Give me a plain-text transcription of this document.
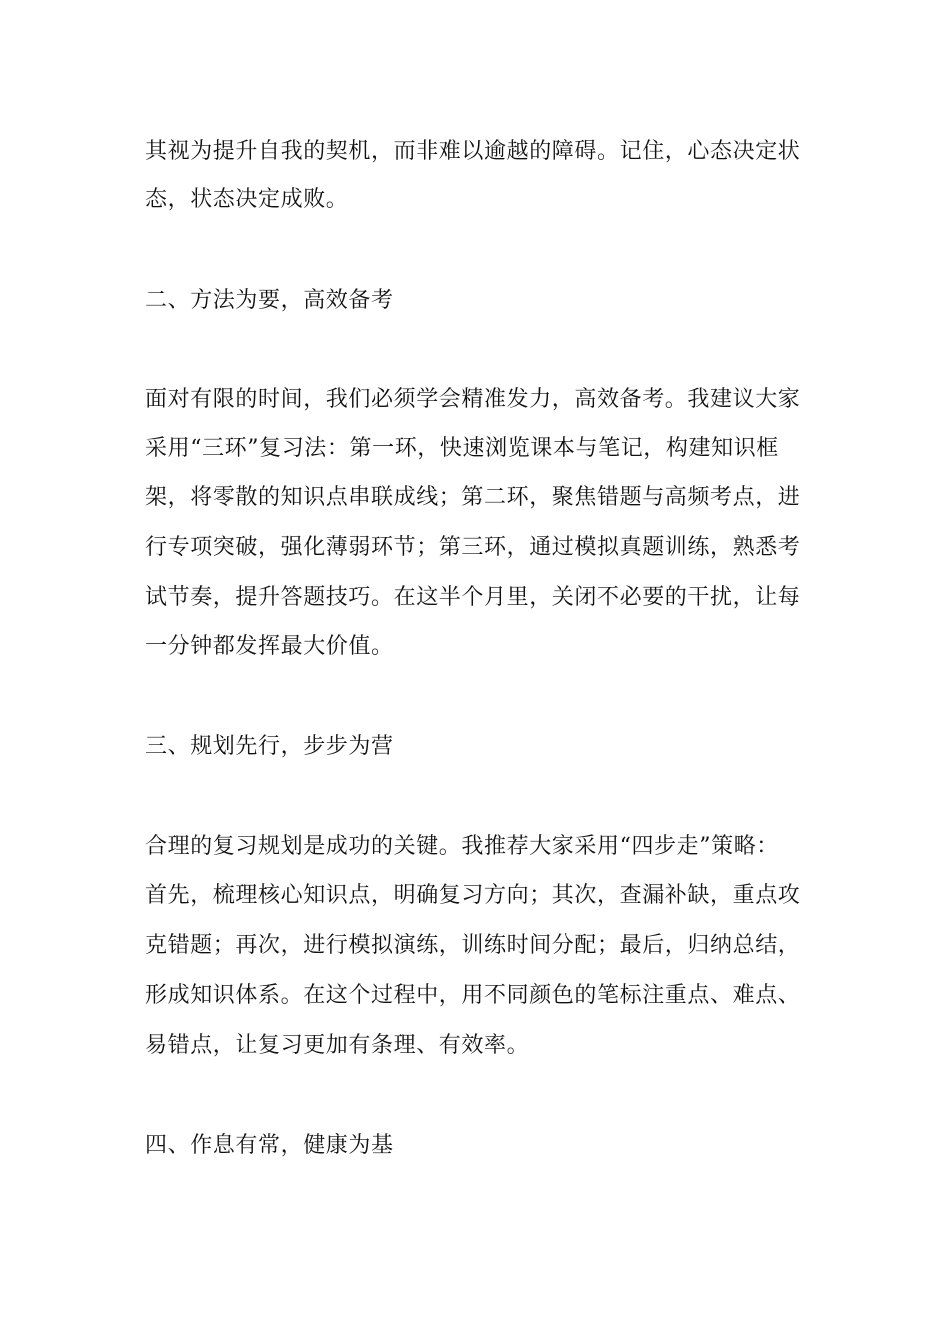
其视为提升自我的契机，而非难以逾越的障碍。记住，心态决定状
态，状态决定成败。
二、方法为要，高效备考
面对有限的时间，我们必须学会精准发力，高效备考。我建议大家
采用“三环”复习法：第一环，快速浏览课本与笔记，构建知识框
架，将零散的知识点串联成线；第二环，聚焦错题与高频考点，进
行专项突破，强化薄弱环节；第三环，通过模拟真题训练，熟悉考
试节奏，提升答题技巧。在这半个月里，关闭不必要的干扰，让每
一分钟都发挥最大价值。
三、规划先行，步步为营
合理的复习规划是成功的关键。我推荐大家采用“四步走”策略：
首先，梳理核心知识点，明确复习方向；其次，查漏补缺，重点攻
克错题；再次，进行模拟演练，训练时间分配；最后，归纳总结，
形成知识体系。在这个过程中，用不同颜色的笔标注重点、难点、
易错点，让复习更加有条理、有效率。
四、作息有常，健康为基
